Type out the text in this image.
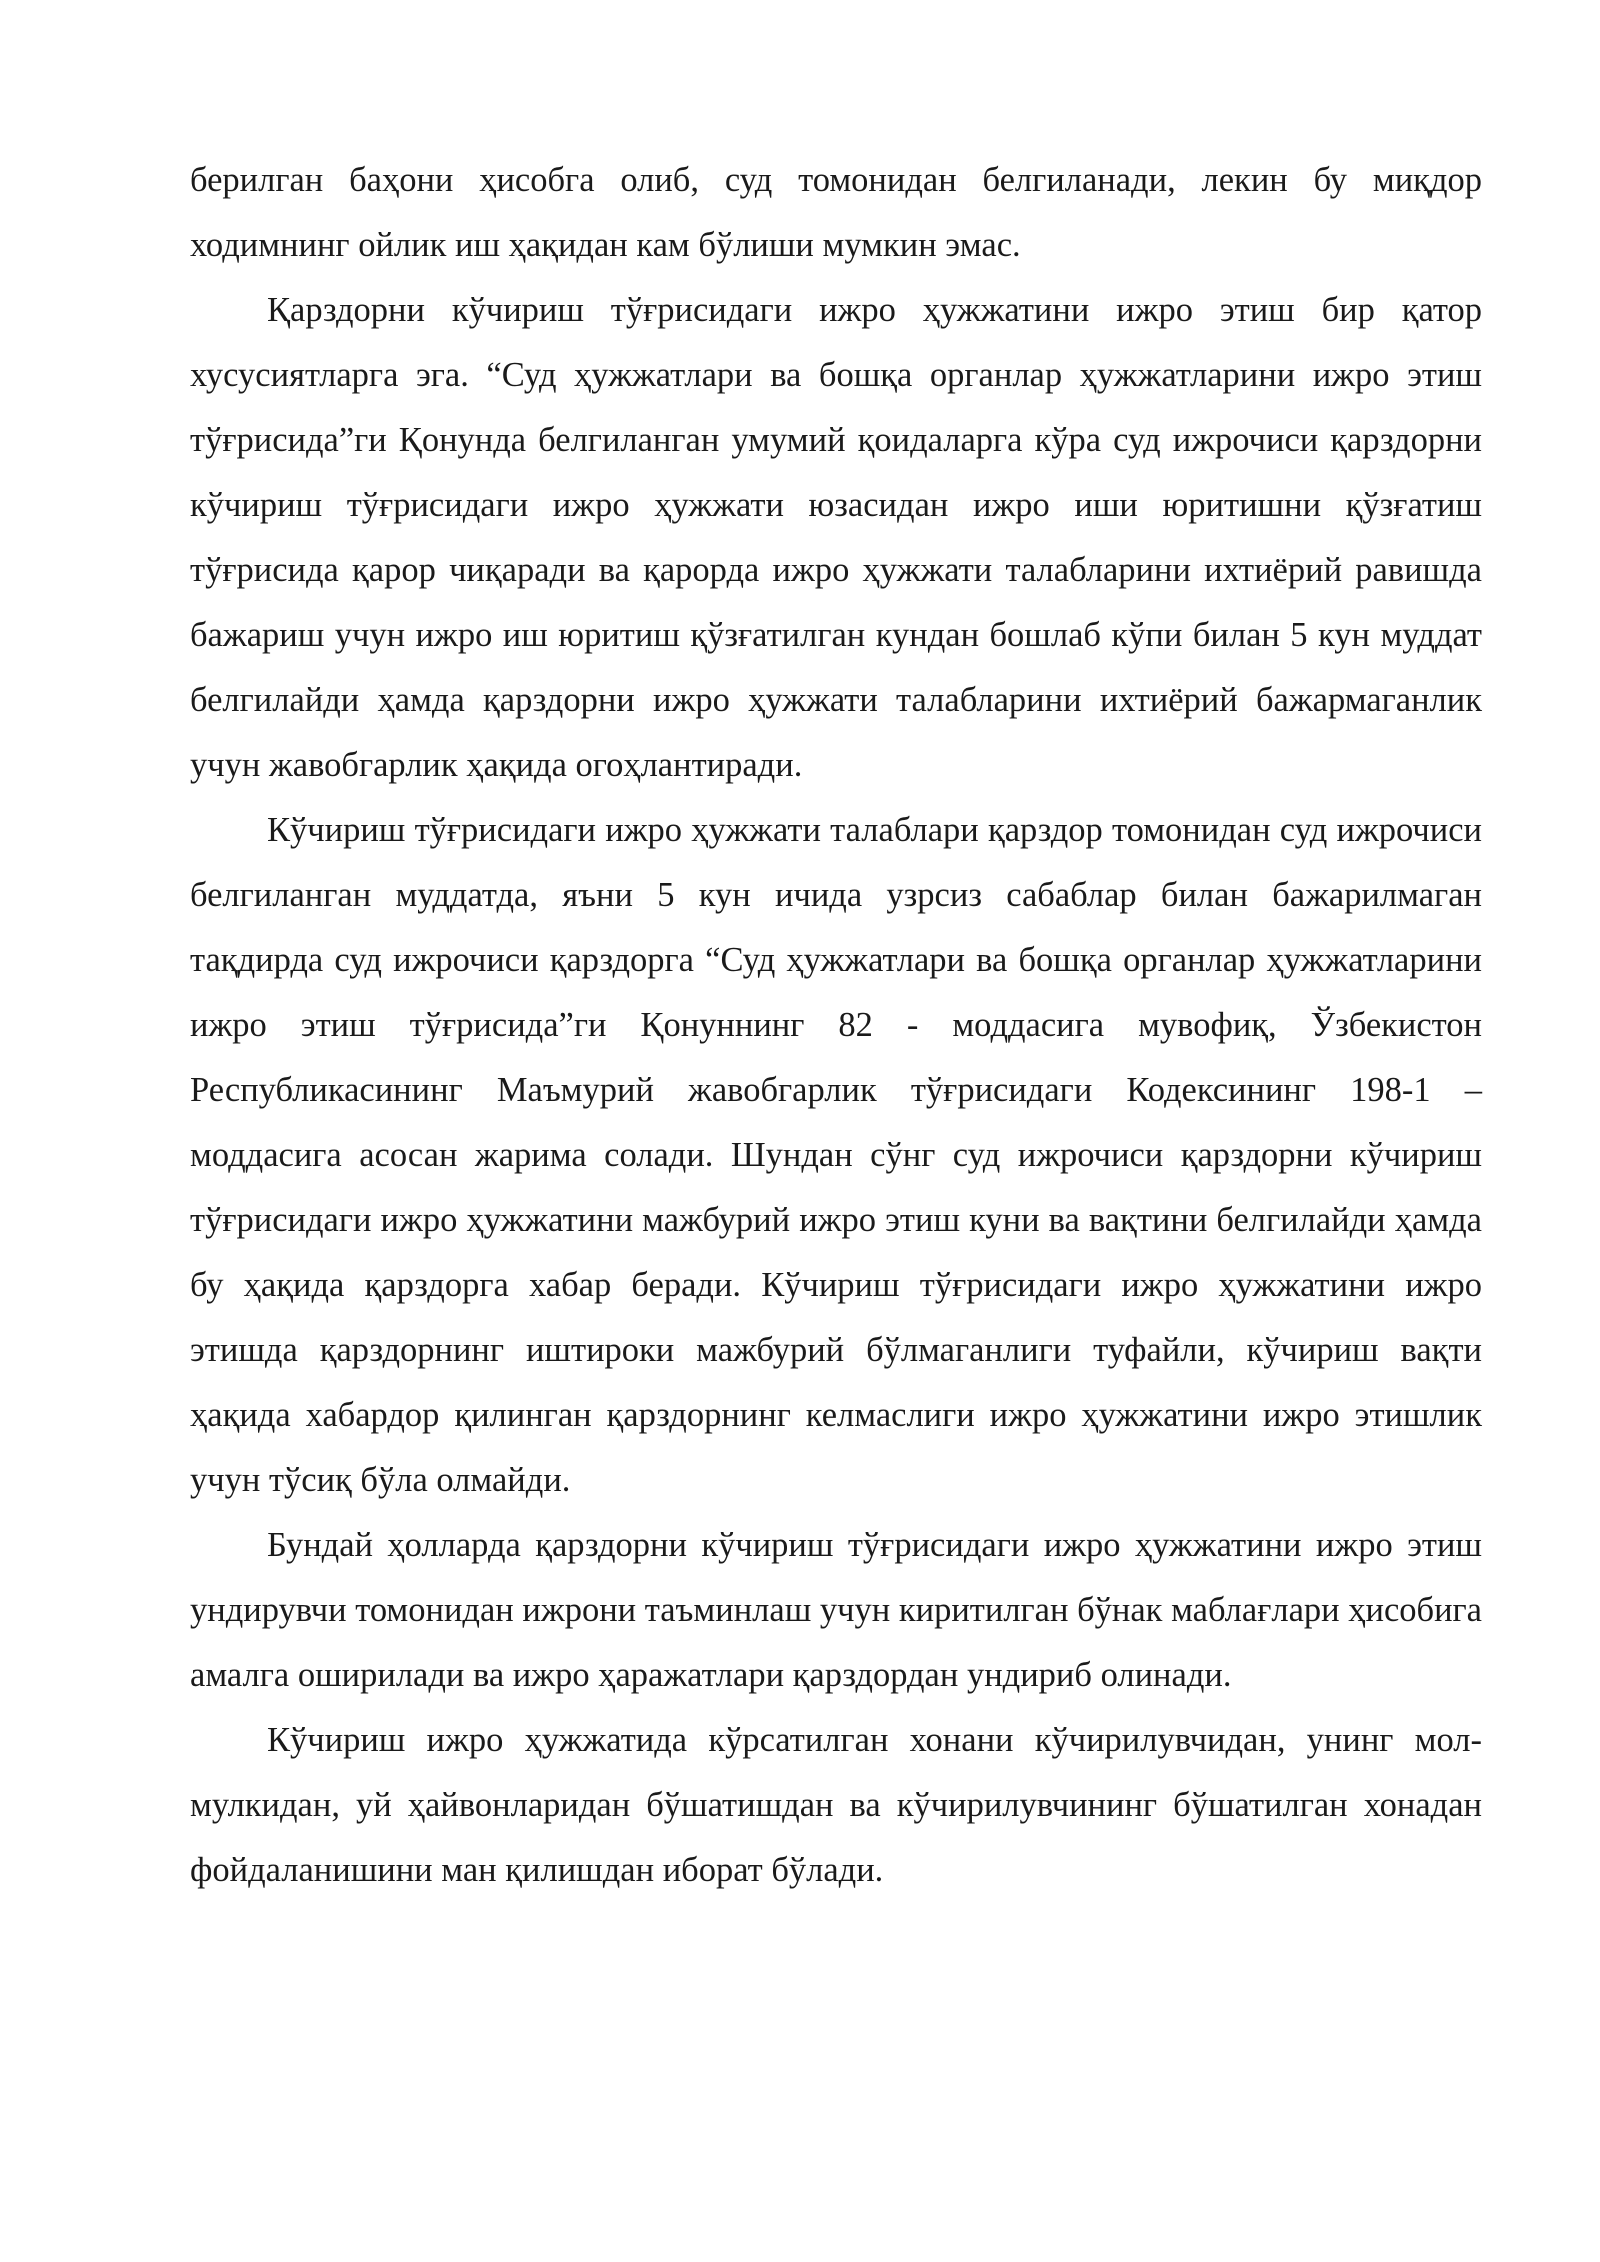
берилган баҳони ҳисобга олиб, суд томонидан белгиланади, лекин бу миқдор ходимнинг ойлик иш ҳақидан кам бўлиши мумкин эмас.

Қарздорни кўчириш тўғрисидаги ижро ҳужжатини ижро этиш бир қатор хусусиятларга эга. “Суд ҳужжатлари ва бошқа органлар ҳужжатларини ижро этиш тўғрисида”ги Қонунда белгиланган умумий қоидаларга кўра суд ижрочиси қарздорни кўчириш тўғрисидаги ижро ҳужжати юзасидан ижро иши юритишни қўзғатиш тўғрисида қарор чиқаради ва қарорда ижро ҳужжати талабларини ихтиёрий равишда бажариш учун ижро иш юритиш қўзғатилган кундан бошлаб кўпи билан 5 кун муддат белгилайди ҳамда қарздорни ижро ҳужжати талабларини ихтиёрий бажармаганлик учун жавобгарлик ҳақида огоҳлантиради.

Кўчириш тўғрисидаги ижро ҳужжати талаблари қарздор томонидан суд ижрочиси белгиланган муддатда, яъни 5 кун ичида узрсиз сабаблар билан бажарилмаган тақдирда суд ижрочиси қарздорга “Суд ҳужжатлари ва бошқа органлар ҳужжатларини ижро этиш тўғрисида”ги Қонуннинг 82 - моддасига мувофиқ, Ўзбекистон Республикасининг Маъмурий жавобгарлик тўғрисидаги Кодексининг 198-1 – моддасига асосан жарима солади. Шундан сўнг суд ижрочиси қарздорни кўчириш тўғрисидаги ижро ҳужжатини мажбурий ижро этиш куни ва вақтини белгилайди ҳамда бу ҳақида қарздорга хабар беради. Кўчириш тўғрисидаги ижро ҳужжатини ижро этишда қарздорнинг иштироки мажбурий бўлмаганлиги туфайли, кўчириш вақти ҳақида хабардор қилинган қарздорнинг келмаслиги ижро ҳужжатини ижро этишлик учун тўсиқ бўла олмайди.

Бундай ҳолларда қарздорни кўчириш тўғрисидаги ижро ҳужжатини ижро этиш ундирувчи томонидан ижрони таъминлаш учун киритилган бўнак маблағлари ҳисобига амалга оширилади ва ижро ҳаражатлари қарздордан ундириб олинади.

Кўчириш ижро ҳужжатида кўрсатилган хонани кўчирилувчидан, унинг мол-мулкидан, уй ҳайвонларидан бўшатишдан ва кўчирилувчининг бўшатилган хонадан фойдаланишини ман қилишдан иборат бўлади.
